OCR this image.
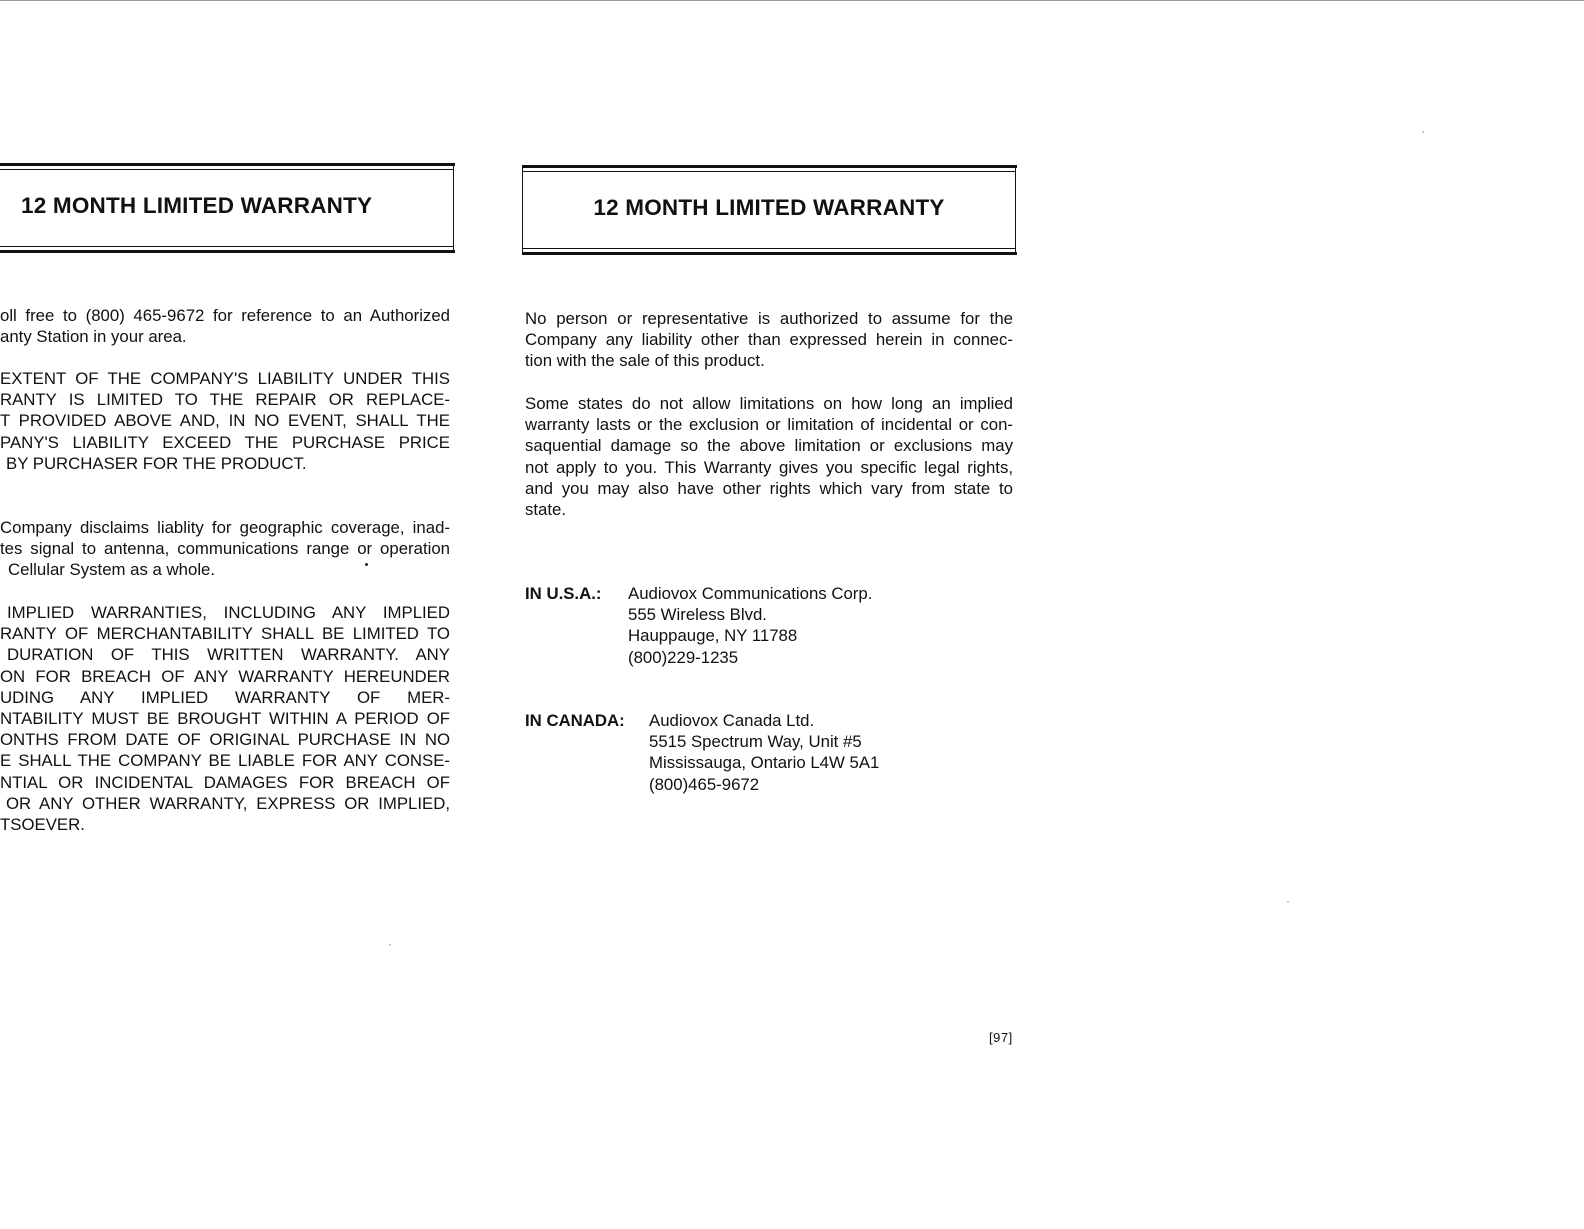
12 MONTH LIMITED WARRANTY
oll free to (800) 465-9672 for reference to an Authorized
anty Station in your area.
EXTENT OF THE COMPANY'S LIABILITY UNDER THIS
RANTY IS LIMITED TO THE REPAIR OR REPLACE-
T PROVIDED ABOVE AND, IN NO EVENT, SHALL THE
PANY'S LIABILITY EXCEED THE PURCHASE PRICE
BY PURCHASER FOR THE PRODUCT.
Company disclaims liablity for geographic coverage, inad-
tes signal to antenna, communications range or operation
Cellular System as a whole.
IMPLIED WARRANTIES, INCLUDING ANY IMPLIED
RANTY OF MERCHANTABILITY SHALL BE LIMITED TO
DURATION OF THIS WRITTEN WARRANTY. ANY
ON FOR BREACH OF ANY WARRANTY HEREUNDER
UDING ANY IMPLIED WARRANTY OF MER-
NTABILITY MUST BE BROUGHT WITHIN A PERIOD OF
ONTHS FROM DATE OF ORIGINAL PURCHASE IN NO
E SHALL THE COMPANY BE LIABLE FOR ANY CONSE-
NTIAL OR INCIDENTAL DAMAGES FOR BREACH OF
OR ANY OTHER WARRANTY, EXPRESS OR IMPLIED,
TSOEVER.
12 MONTH LIMITED WARRANTY
No person or representative is authorized to assume for the
Company any liability other than expressed herein in connec-
tion with the sale of this product.
Some states do not allow limitations on how long an implied
warranty lasts or the exclusion or limitation of incidental or con-
saquential damage so the above limitation or exclusions may
not apply to you. This Warranty gives you specific legal rights,
and you may also have other rights which vary from state to
state.
IN U.S.A.: Audiovox Communications Corp.
555 Wireless Blvd.
Hauppauge, NY 11788
(800)229-1235
IN CANADA: Audiovox Canada Ltd.
5515 Spectrum Way, Unit #5
Mississauga, Ontario L4W 5A1
(800)465-9672
[97]
